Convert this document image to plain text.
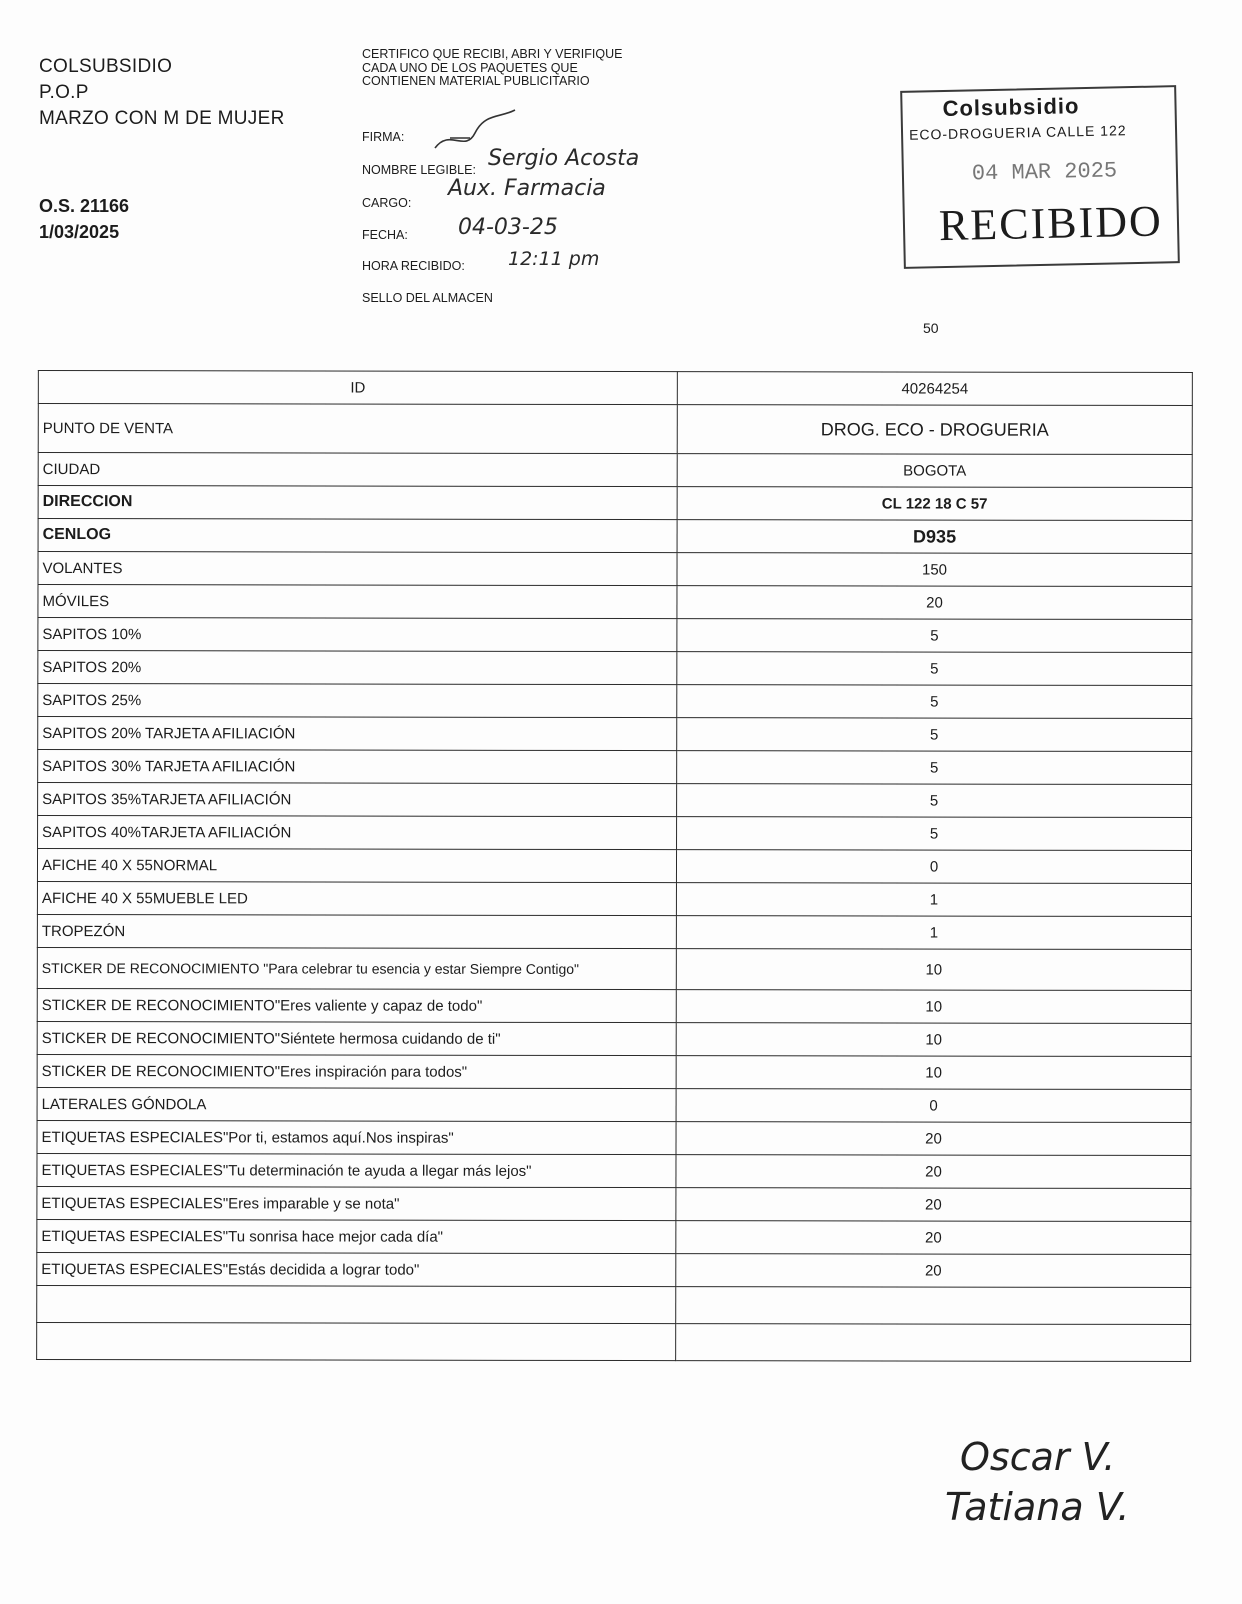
COLSUBSIDIO
P.O.P
MARZO CON M DE MUJER
O.S. 21166
1/03/2025
CERTIFICO QUE RECIBI, ABRI Y VERIFIQUE CADA UNO DE LOS PAQUETES QUE CONTIENEN MATERIAL PUBLICITARIO
FIRMA:
NOMBRE LEGIBLE: Sergio Acosta
CARGO:
Aux. Farmacia
FECHA: 04-03-25
HORA RECIBIDO: 12:11 pm
SELLO DEL ALMACEN
Colsubsidio
ECO-DROGUERIA CALLE 122
04 MAR 2025
RECIBIDO
50
ID	40264254
PUNTO DE VENTA	DROG. ECO - DROGUERIA
CIUDAD	BOGOTA
DIRECCION	CL 122 18 C 57
CENLOG	D935
VOLANTES	150
MÓVILES	20
SAPITOS 10%	5
SAPITOS 20%	5
SAPITOS 25%	5
SAPITOS 20% TARJETA AFILIACIÓN	5
SAPITOS 30% TARJETA AFILIACIÓN	5
SAPITOS 35%TARJETA AFILIACIÓN	5
SAPITOS 40%TARJETA AFILIACIÓN	5
AFICHE 40 X 55NORMAL	0
AFICHE 40 X 55MUEBLE LED	1
TROPEZÓN	1
STICKER DE RECONOCIMIENTO "Para celebrar tu esencia y estar Siempre Contigo"	10
STICKER DE RECONOCIMIENTO"Eres valiente y capaz de todo"	10
STICKER DE RECONOCIMIENTO"Siéntete hermosa cuidando de ti"	10
STICKER DE RECONOCIMIENTO"Eres inspiración para todos"	10
LATERALES GÓNDOLA	0
ETIQUETAS ESPECIALES"Por ti, estamos aquí.Nos inspiras"	20
ETIQUETAS ESPECIALES"Tu determinación te ayuda a llegar más lejos"	20
ETIQUETAS ESPECIALES"Eres imparable y se nota"	20
ETIQUETAS ESPECIALES"Tu sonrisa hace mejor cada día"	20
ETIQUETAS ESPECIALES"Estás decidida a lograr todo"	20

Oscar V.
Tatiana V.
